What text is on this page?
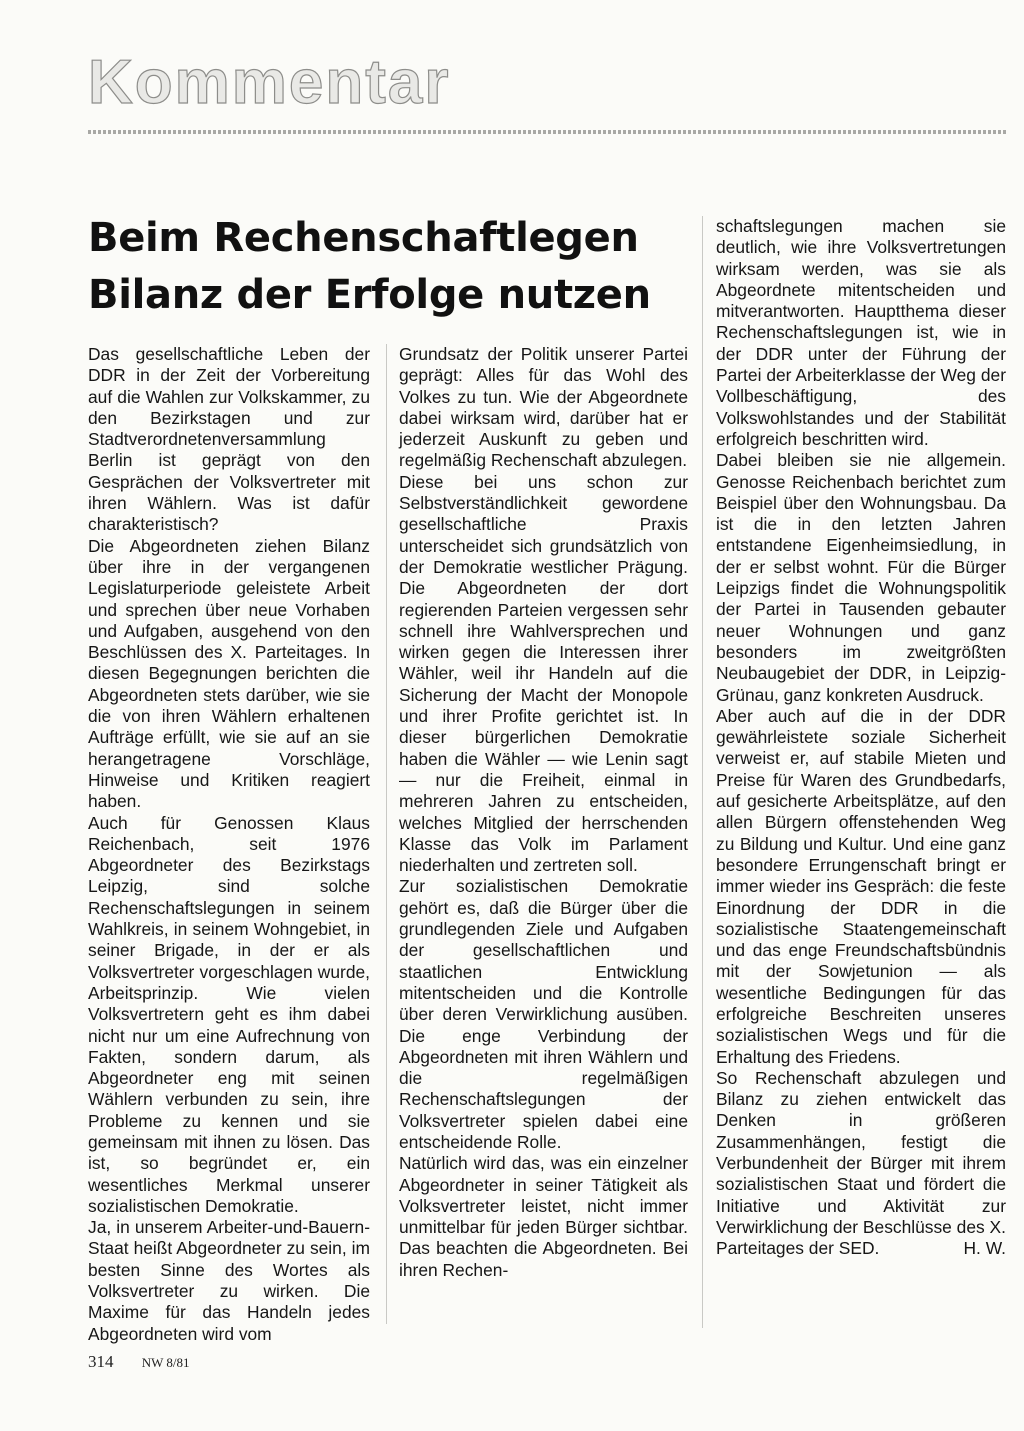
Kommentar
Beim Rechenschaftlegen
Bilanz der Erfolge nutzen

Das gesellschaftliche Leben der DDR in der Zeit der Vorbereitung auf die Wahlen zur Volkskammer, zu den Bezirkstagen und zur Stadtverordnetenversammlung Berlin ist geprägt von den Gesprächen der Volksvertreter mit ihren Wählern. Was ist dafür charakteristisch?

Die Abgeordneten ziehen Bilanz über ihre in der vergangenen Legislaturperiode geleistete Arbeit und sprechen über neue Vorhaben und Aufgaben, ausgehend von den Beschlüssen des X. Parteitages. In diesen Begegnungen berichten die Abgeordneten stets darüber, wie sie die von ihren Wählern erhaltenen Aufträge erfüllt, wie sie auf an sie herangetragene Vorschläge, Hinweise und Kritiken reagiert haben.

Auch für Genossen Klaus Reichenbach, seit 1976 Abgeordneter des Bezirkstags Leipzig, sind solche Rechenschaftslegungen in seinem Wahlkreis, in seinem Wohngebiet, in seiner Brigade, in der er als Volksvertreter vorgeschlagen wurde, Arbeitsprinzip. Wie vielen Volksvertretern geht es ihm dabei nicht nur um eine Aufrechnung von Fakten, sondern darum, als Abgeordneter eng mit seinen Wählern verbunden zu sein, ihre Probleme zu kennen und sie gemeinsam mit ihnen zu lösen. Das ist, so begründet er, ein wesentliches Merkmal unserer sozialistischen Demokratie.

Ja, in unserem Arbeiter-und-Bauern-Staat heißt Abgeordneter zu sein, im besten Sinne des Wortes als Volksvertreter zu wirken. Die Maxime für das Handeln jedes Abgeordneten wird vom

Grundsatz der Politik unserer Partei geprägt: Alles für das Wohl des Volkes zu tun. Wie der Abgeordnete dabei wirksam wird, darüber hat er jederzeit Auskunft zu geben und regelmäßig Rechenschaft abzulegen.

Diese bei uns schon zur Selbstverständlichkeit gewordene gesellschaftliche Praxis unterscheidet sich grundsätzlich von der Demokratie westlicher Prägung. Die Abgeordneten der dort regierenden Parteien vergessen sehr schnell ihre Wahlversprechen und wirken gegen die Interessen ihrer Wähler, weil ihr Handeln auf die Sicherung der Macht der Monopole und ihrer Profite gerichtet ist. In dieser bürgerlichen Demokratie haben die Wähler — wie Lenin sagt — nur die Freiheit, einmal in mehreren Jahren zu entscheiden, welches Mitglied der herrschenden Klasse das Volk im Parlament niederhalten und zertreten soll.

Zur sozialistischen Demokratie gehört es, daß die Bürger über die grundlegenden Ziele und Aufgaben der gesellschaftlichen und staatlichen Entwicklung mitentscheiden und die Kontrolle über deren Verwirklichung ausüben. Die enge Verbindung der Abgeordneten mit ihren Wählern und die regelmäßigen Rechenschaftslegungen der Volksvertreter spielen dabei eine entscheidende Rolle.

Natürlich wird das, was ein einzelner Abgeordneter in seiner Tätigkeit als Volksvertreter leistet, nicht immer unmittelbar für jeden Bürger sichtbar. Das beachten die Abgeordneten. Bei ihren Rechen-

schaftslegungen machen sie deutlich, wie ihre Volksvertretungen wirksam werden, was sie als Abgeordnete mitentscheiden und mitverantworten. Hauptthema dieser Rechenschaftslegungen ist, wie in der DDR unter der Führung der Partei der Arbeiterklasse der Weg der Vollbeschäftigung, des Volkswohlstandes und der Stabilität erfolgreich beschritten wird.

Dabei bleiben sie nie allgemein. Genosse Reichenbach berichtet zum Beispiel über den Wohnungsbau. Da ist die in den letzten Jahren entstandene Eigenheimsiedlung, in der er selbst wohnt. Für die Bürger Leipzigs findet die Wohnungspolitik der Partei in Tausenden gebauter neuer Wohnungen und ganz besonders im zweitgrößten Neubaugebiet der DDR, in Leipzig-Grünau, ganz konkreten Ausdruck.

Aber auch auf die in der DDR gewährleistete soziale Sicherheit verweist er, auf stabile Mieten und Preise für Waren des Grundbedarfs, auf gesicherte Arbeitsplätze, auf den allen Bürgern offenstehenden Weg zu Bildung und Kultur. Und eine ganz besondere Errungenschaft bringt er immer wieder ins Gespräch: die feste Einordnung der DDR in die sozialistische Staatengemeinschaft und das enge Freundschaftsbündnis mit der Sowjetunion — als wesentliche Bedingungen für das erfolgreiche Beschreiten unseres sozialistischen Wegs und für die Erhaltung des Friedens.

So Rechenschaft abzulegen und Bilanz zu ziehen entwickelt das Denken in größeren Zusammenhängen, festigt die Verbundenheit der Bürger mit ihrem sozialistischen Staat und fördert die Initiative und Aktivität zur Verwirklichung der Beschlüsse des X. Parteitages der SED.	H. W.

314 NW 8/81
